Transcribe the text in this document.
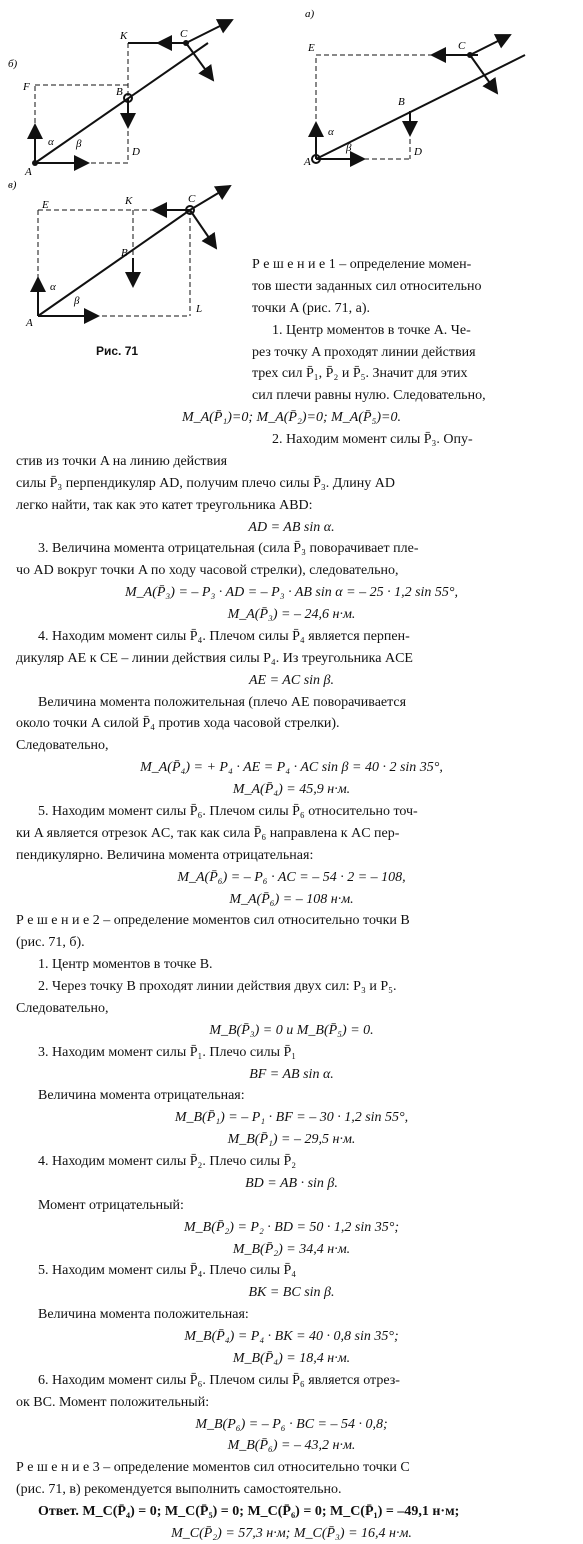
б)
A
B
C
D
F
K
α β
а)
A
B
C
D
E
α
β
в)
A
B
C
E	K
L
α
β
Рис. 71
Р е ш е н и е 1 – определение момен-
тов шести заданных сил относительно
точки A (рис. 71, а).
1. Центр моментов в точке A. Че-
рез точку A проходят линии действия
трех сил P̄₁, P̄₂ и P̄₅. Значит для этих
сил плечи равны нулю. Следовательно,
M_A(P̄₁)=0; M_A(P̄₂)=0; M_A(P̄₅)=0.
2. Находим момент силы P̄₃. Опу-
стив из точки A на линию действия
силы P̄₃ перпендикуляр AD, получим плечо силы P̄₃. Длину AD
легко найти, так как это катет треугольника ABD:
AD = AB sin α.
3. Величина момента отрицательная (сила P̄₃ поворачивает пле-
чо AD вокруг точки A по ходу часовой стрелки), следовательно,
M_A(P̄₃) = – P₃ · AD = – P₃ · AB sin α = – 25 · 1,2 sin 55°,
M_A(P̄₃) = – 24,6 н·м.
4. Находим момент силы P̄₄. Плечом силы P̄₄ является перпен-
дикуляр AE к CE – линии действия силы P₄. Из треугольника ACE
AE = AC sin β.
Величина момента положительная (плечо AE поворачивается
около точки A силой P̄₄ против хода часовой стрелки).
Следовательно,
M_A(P̄₄) = + P₄ · AE = P₄ · AC sin β = 40 · 2 sin 35°,
M_A(P̄₄) = 45,9 н·м.
5. Находим момент силы P̄₆. Плечом силы P̄₆ относительно точ-
ки A является отрезок AC, так как сила P̄₆ направлена к AC пер-
пендикулярно. Величина момента отрицательная:
M_A(P̄₆) = – P₆ · AC = – 54 · 2 = – 108,
M_A(P̄₆) = – 108 н·м.
Р е ш е н и е 2 – определение моментов сил относительно точки B
(рис. 71, б).
1. Центр моментов в точке B.
2. Через точку B проходят линии действия двух сил: P₃ и P₅.
Следовательно,
M_B(P̄₃) = 0 и M_B(P̄₅) = 0.
3. Находим момент силы P̄₁. Плечо силы P̄₁
BF = AB sin α.
Величина момента отрицательная:
M_B(P̄₁) = – P₁ · BF = – 30 · 1,2 sin 55°,
M_B(P̄₁) = – 29,5 н·м.
4. Находим момент силы P̄₂. Плечо силы P̄₂
BD = AB · sin β.
Момент отрицательный:
M_B(P̄₂) = P₂ · BD = 50 · 1,2 sin 35°;
M_B(P̄₂) = 34,4 н·м.
5. Находим момент силы P̄₄. Плечо силы P̄₄
BK = BC sin β.
Величина момента положительная:
M_B(P̄₄) = P₄ · BK = 40 · 0,8 sin 35°;
M_B(P̄₄) = 18,4 н·м.
6. Находим момент силы P̄₆. Плечом силы P̄₆ является отрез-
ок BC. Момент положительный:
M_B(P₆) = – P₆ · BC = – 54 · 0,8;
M_B(P̄₆) = – 43,2 н·м.
Р е ш е н и е 3 – определение моментов сил относительно точки C
(рис. 71, в) рекомендуется выполнить самостоятельно.
Ответ. M_C(P̄₄) = 0; M_C(P̄₅) = 0; M_C(P̄₆) = 0; M_C(P̄₁) = –49,1 н·м;
M_C(P̄₂) = 57,3 н·м; M_C(P̄₃) = 16,4 н·м.
